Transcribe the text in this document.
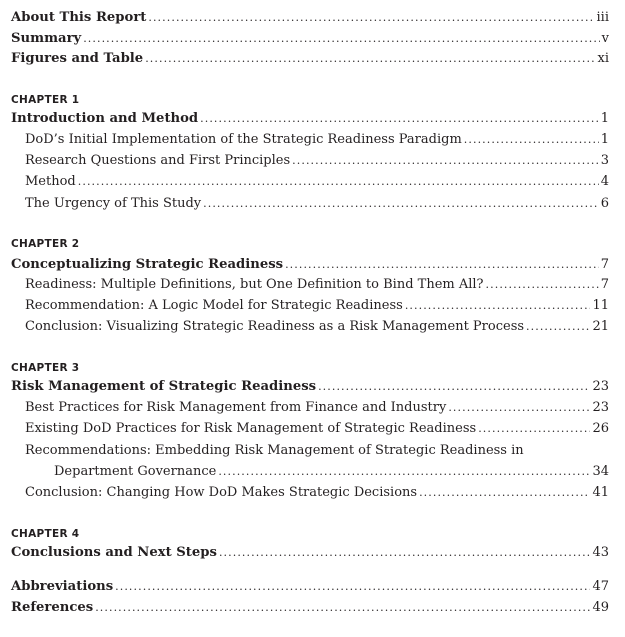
About This Report .....	iii
Summary .....	v
Figures and Table .....	xi
CHAPTER 1
Introduction and Method .....	1
DoD’s Initial Implementation of the Strategic Readiness Paradigm .....	1
Research Questions and First Principles .....	3
Method .....	4
The Urgency of This Study .....	6
CHAPTER 2
Conceptualizing Strategic Readiness .....	7
Readiness: Multiple Definitions, but One Definition to Bind Them All? .....	7
Recommendation: A Logic Model for Strategic Readiness .....	11
Conclusion: Visualizing Strategic Readiness as a Risk Management Process .....	21
CHAPTER 3
Risk Management of Strategic Readiness .....	23
Best Practices for Risk Management from Finance and Industry .....	23
Existing DoD Practices for Risk Management of Strategic Readiness .....	26
Recommendations: Embedding Risk Management of Strategic Readiness in
Department Governance .....	34
Conclusion: Changing How DoD Makes Strategic Decisions .....	41
CHAPTER 4
Conclusions and Next Steps .....	43
Abbreviations .....	47
References .....	49
